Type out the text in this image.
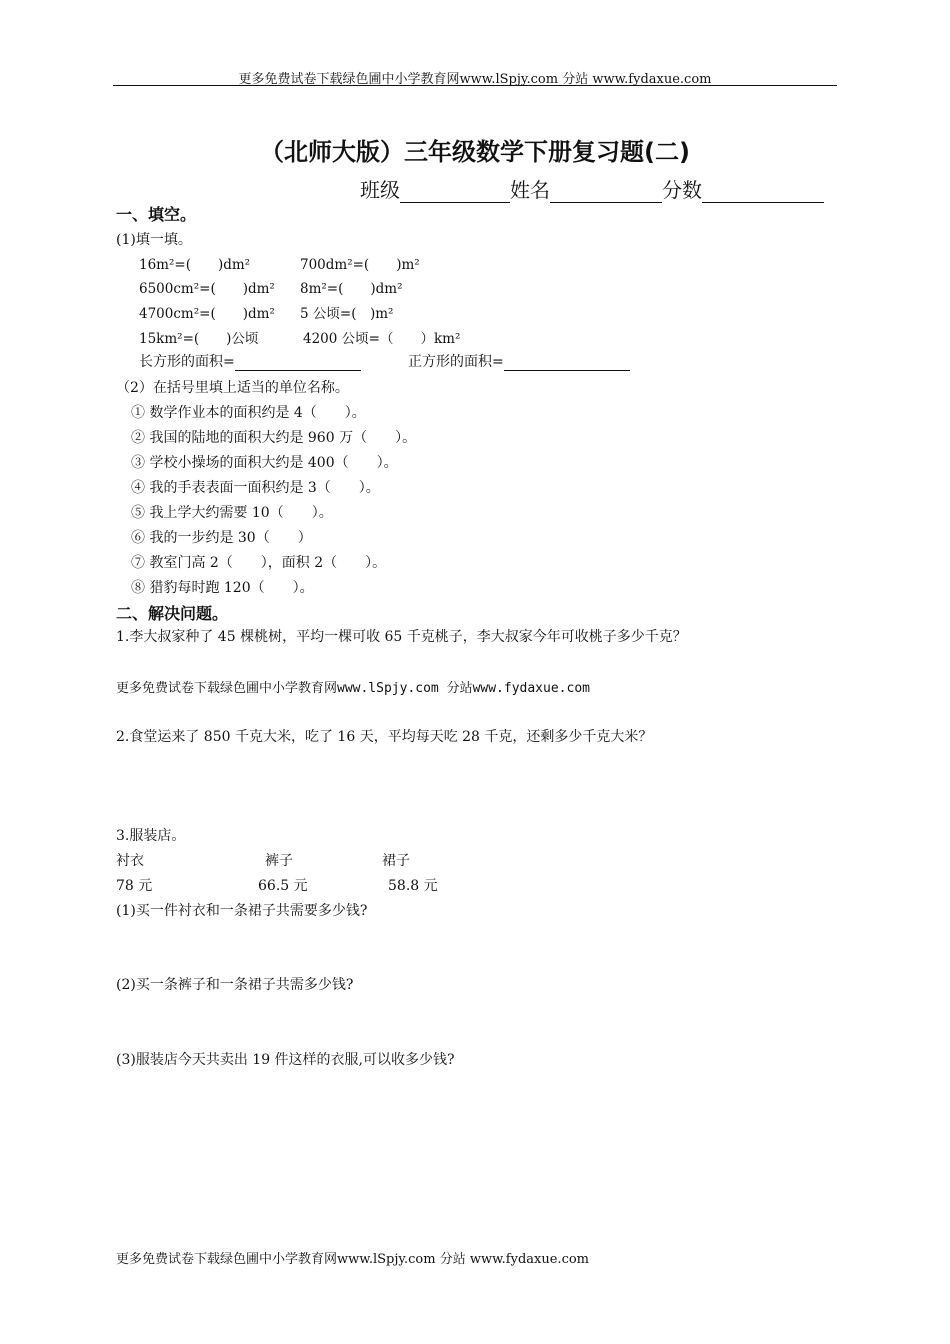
更多免费试卷下载绿色圃中小学教育网www.lSpjy.com 分站 www.fydaxue.com
（北师大版）三年级数学下册复习题(二)
班级	姓名	分数
一、填空。
(1)填一填。
16m²=(　　)dm²	700dm²=(　　)m²
6500cm²=(　　)dm² 8m²=(　　)dm²
4700cm²=(　　)dm² 5 公顷=(　)m²
15km²=(　　)公顷	4200 公顷=（　　）km²
长方形的面积=	正方形的面积=
（2）在括号里填上适当的单位名称。
① 数学作业本的面积约是 4（　　）。
② 我国的陆地的面积大约是 960 万（　　）。
③ 学校小操场的面积大约是 400（　　）。
④ 我的手表表面一面积约是 3（　　）。
⑤ 我上学大约需要 10（　　）。
⑥ 我的一步约是 30（　　）
⑦ 教室门高 2（　　），面积 2（　　）。
⑧ 猎豹每时跑 120（　　）。
二、解决问题。
1.李大叔家种了 45 棵桃树，平均一棵可收 65 千克桃子，李大叔家今年可收桃子多少千克？
更多免费试卷下载绿色圃中小学教育网www.lSpjy.com 分站www.fydaxue.com
2.食堂运来了 850 千克大米，吃了 16 天，平均每天吃 28 千克，还剩多少千克大米？
3.服装店。
衬衣	裤子	裙子
78 元	66.5 元	58.8 元
(1)买一件衬衣和一条裙子共需要多少钱?
(2)买一条裤子和一条裙子共需多少钱?
(3)服装店今天共卖出 19 件这样的衣服,可以收多少钱?
更多免费试卷下载绿色圃中小学教育网www.lSpjy.com 分站 www.fydaxue.com
